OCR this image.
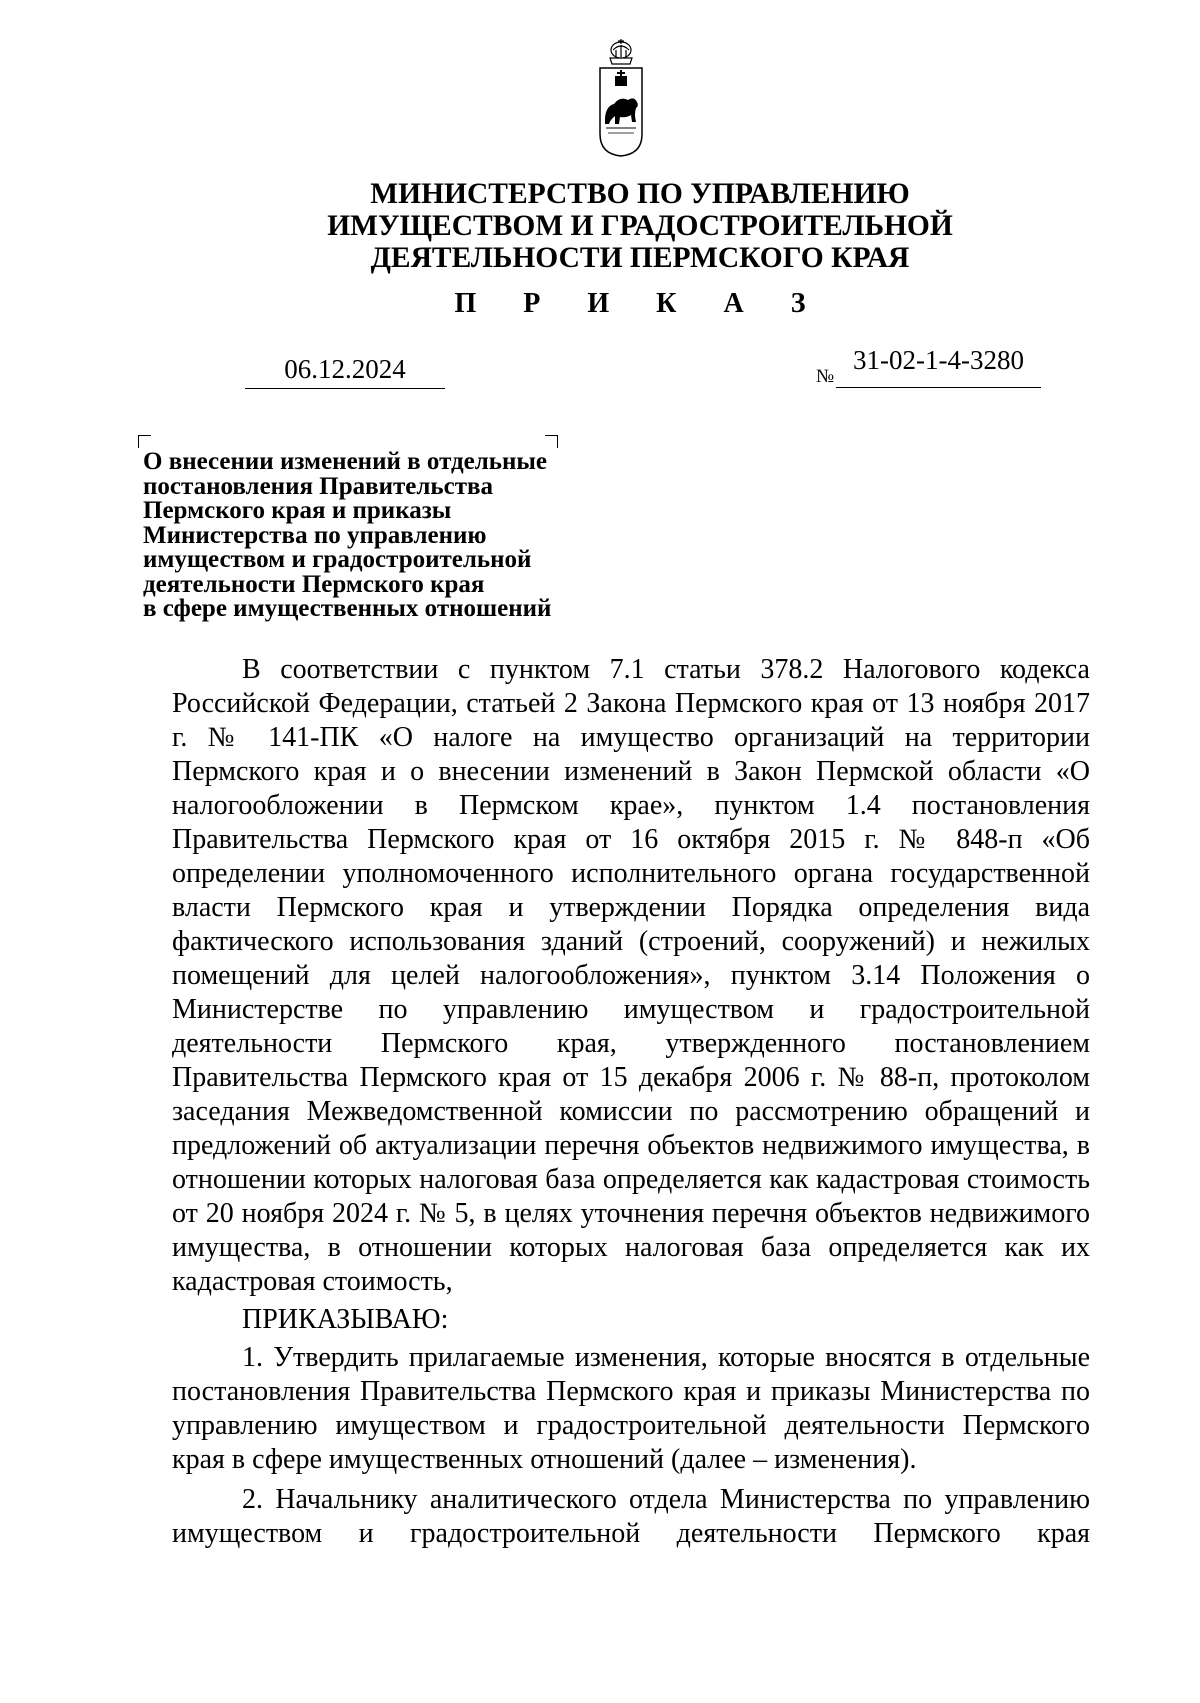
МИНИСТЕРСТВО ПО УПРАВЛЕНИЮ
ИМУЩЕСТВОМ И ГРАДОСТРОИТЕЛЬНОЙ
ДЕЯТЕЛЬНОСТИ ПЕРМСКОГО КРАЯ
П Р И К А З
06.12.2024	№
31-02-1-4-3280
О внесении изменений в отдельные
постановления Правительства
Пермского края и приказы
Министерства по управлению
имуществом и градостроительной
деятельности Пермского края
в сфере имущественных отношений

В соответствии с пунктом 7.1 статьи 378.2 Налогового кодекса Российской Федерации, статьей 2 Закона Пермского края от 13 ноября 2017 г. № 141-ПК «О налоге на имущество организаций на территории Пермского края и о внесении изменений в Закон Пермской области «О налогообложении в Пермском крае», пунктом 1.4 постановления Правительства Пермского края от 16 октября 2015 г. № 848-п «Об определении уполномоченного исполнительного органа государственной власти Пермского края и утверждении Порядка определения вида фактического использования зданий (строений, сооружений) и нежилых помещений для целей налогообложения», пунктом 3.14 Положения о Министерстве по управлению имуществом и градостроительной деятельности Пермского края, утвержденного постановлением Правительства Пермского края от 15 декабря 2006 г. № 88-п, протоколом заседания Межведомственной комиссии по рассмотрению обращений и предложений об актуализации перечня объектов недвижимого имущества, в отношении которых налоговая база определяется как кадастровая стоимость от 20 ноября 2024 г. № 5, в целях уточнения перечня объектов недвижимого имущества, в отношении которых налоговая база определяется как их кадастровая стоимость,

ПРИКАЗЫВАЮ:

1. Утвердить прилагаемые изменения, которые вносятся в отдельные постановления Правительства Пермского края и приказы Министерства по управлению имуществом и градостроительной деятельности Пермского края в сфере имущественных отношений (далее – изменения).

2. Начальнику аналитического отдела Министерства по управлению имуществом и градостроительной деятельности Пермского края
